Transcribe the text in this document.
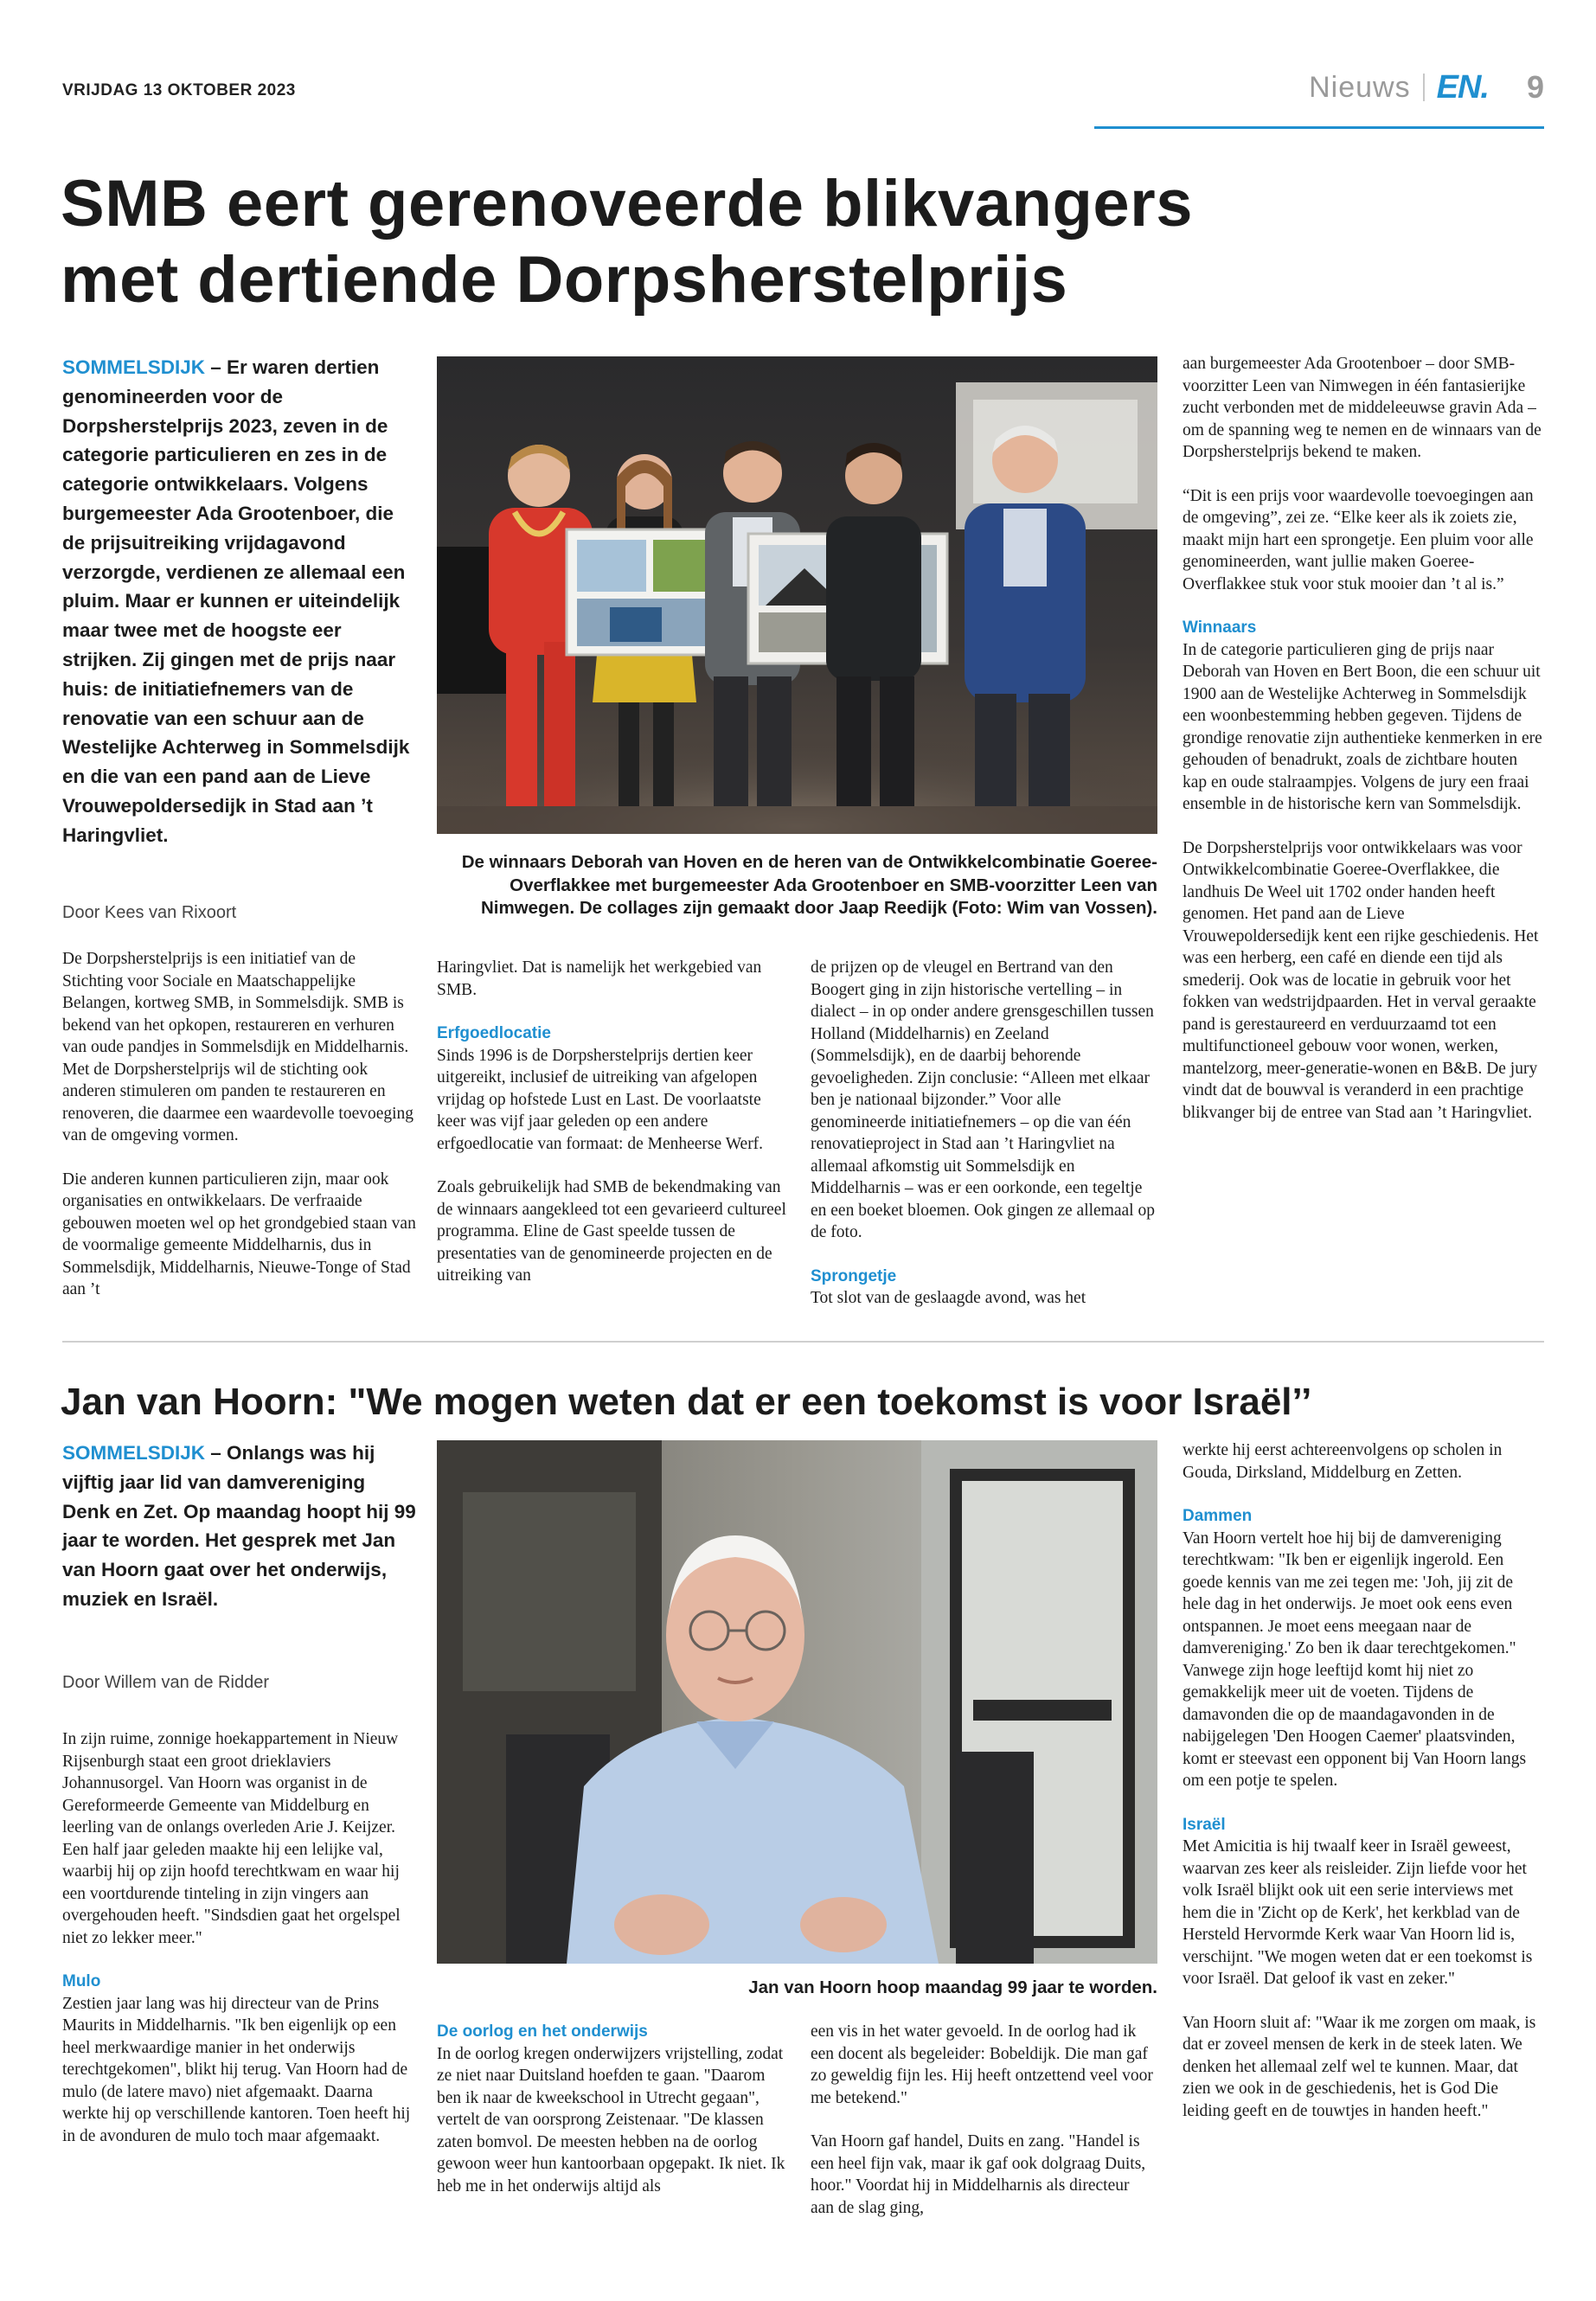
VRIJDAG 13 OKTOBER 2023	Nieuws EN. 9
SMB eert gerenoveerde blikvangers
met dertiende Dorpsherstelprijs
SOMMELSDIJK – Er waren dertien genomineerden voor de Dorpsherstelprijs 2023, zeven in de categorie particulieren en zes in de categorie ontwikkelaars. Volgens burgemeester Ada Grootenboer, die de prijsuitreiking vrijdagavond verzorgde, verdienen ze allemaal een pluim. Maar er kunnen er uiteindelijk maar twee met de hoogste eer strijken. Zij gingen met de prijs naar huis: de initiatiefnemers van de renovatie van een schuur aan de Westelijke Achterweg in Sommelsdijk en die van een pand aan de Lieve Vrouwepoldersedijk in Stad aan ’t Haringvliet.
Door Kees van Rixoort

De Dorpsherstelprijs is een initiatief van de Stichting voor Sociale en Maatschappelijke Belangen, kortweg SMB, in Sommelsdijk. SMB is bekend van het opkopen, restaureren en verhuren van oude pandjes in Sommelsdijk en Middelharnis. Met de Dorpsherstelprijs wil de stichting ook anderen stimuleren om panden te restaureren en renoveren, die daarmee een waardevolle toevoeging van de omgeving vormen.

Die anderen kunnen particulieren zijn, maar ook organisaties en ontwikkelaars. De verfraaide gebouwen moeten wel op het grondgebied staan van de voormalige gemeente Middelharnis, dus in Sommelsdijk, Middelharnis, Nieuwe-Tonge of Stad aan ’t

De winnaars Deborah van Hoven en de heren van de Ontwikkelcombinatie Goeree-Overflakkee met burgemeester Ada Grootenboer en SMB-voorzitter Leen van Nimwegen. De collages zijn gemaakt door Jaap Reedijk (Foto: Wim van Vossen).

Haringvliet. Dat is namelijk het werkgebied van SMB.

Erfgoedlocatie

Sinds 1996 is de Dorpsherstelprijs dertien keer uitgereikt, inclusief de uitreiking van afgelopen vrijdag op hofstede Lust en Last. De voorlaatste keer was vijf jaar geleden op een andere erfgoedlocatie van formaat: de Menheerse Werf.

Zoals gebruikelijk had SMB de bekendmaking van de winnaars aangekleed tot een gevarieerd cultureel programma. Eline de Gast speelde tussen de presentaties van de genomineerde projecten en de uitreiking van

de prijzen op de vleugel en Bertrand van den Boogert ging in zijn historische vertelling – in dialect – in op onder andere grensgeschillen tussen Holland (Middelharnis) en Zeeland (Sommelsdijk), en de daarbij behorende gevoeligheden. Zijn conclusie: “Alleen met elkaar ben je nationaal bijzonder.” Voor alle genomineerde initiatiefnemers – op die van één renovatieproject in Stad aan ’t Haringvliet na allemaal afkomstig uit Sommelsdijk en Middelharnis – was er een oorkonde, een tegeltje en een boeket bloemen. Ook gingen ze allemaal op de foto.

Sprongetje

Tot slot van de geslaagde avond, was het

aan burgemeester Ada Grootenboer – door SMB-voorzitter Leen van Nimwegen in één fantasierijke zucht verbonden met de middeleeuwse gravin Ada – om de spanning weg te nemen en de winnaars van de Dorpsherstelprijs bekend te maken.

“Dit is een prijs voor waardevolle toevoegingen aan de omgeving”, zei ze. “Elke keer als ik zoiets zie, maakt mijn hart een sprongetje. Een pluim voor alle genomineerden, want jullie maken Goeree-Overflakkee stuk voor stuk mooier dan ’t al is.”

Winnaars

In de categorie particulieren ging de prijs naar Deborah van Hoven en Bert Boon, die een schuur uit 1900 aan de Westelijke Achterweg in Sommelsdijk een woonbestemming hebben gegeven. Tijdens de grondige renovatie zijn authentieke kenmerken in ere gehouden of benadrukt, zoals de zichtbare houten kap en oude stalraampjes. Volgens de jury een fraai ensemble in de historische kern van Sommelsdijk.

De Dorpsherstelprijs voor ontwikkelaars was voor Ontwikkelcombinatie Goeree-Overflakkee, die landhuis De Weel uit 1702 onder handen heeft genomen. Het pand aan de Lieve Vrouwepoldersedijk kent een rijke geschiedenis. Het was een herberg, een café en diende een tijd als smederij. Ook was de locatie in gebruik voor het fokken van wedstrijdpaarden. Het in verval geraakte pand is gerestaureerd en verduurzaamd tot een multifunctioneel gebouw voor wonen, werken, mantelzorg, meer-generatie-wonen en B&B. De jury vindt dat de bouwval is veranderd in een prachtige blikvanger bij de entree van Stad aan ’t Haringvliet.

Jan van Hoorn: "We mogen weten dat er een toekomst is voor Israël’’
SOMMELSDIJK – Onlangs was hij vijftig jaar lid van damvereniging Denk en Zet. Op maandag hoopt hij 99 jaar te worden. Het gesprek met Jan van Hoorn gaat over het onderwijs, muziek en Israël.
Door Willem van de Ridder

In zijn ruime, zonnige hoekappartement in Nieuw Rijsenburgh staat een groot drieklaviers Johannusorgel. Van Hoorn was organist in de Gereformeerde Gemeente van Middelburg en leerling van de onlangs overleden Arie J. Keijzer. Een half jaar geleden maakte hij een lelijke val, waarbij hij op zijn hoofd terechtkwam en waar hij een voortdurende tinteling in zijn vingers aan overgehouden heeft. "Sindsdien gaat het orgelspel niet zo lekker meer."

Mulo

Zestien jaar lang was hij directeur van de Prins Maurits in Middelharnis. "Ik ben eigenlijk op een heel merkwaardige manier in het onderwijs terechtgekomen", blikt hij terug. Van Hoorn had de mulo (de latere mavo) niet afgemaakt. Daarna werkte hij op verschillende kantoren. Toen heeft hij in de avonduren de mulo toch maar afgemaakt.

Jan van Hoorn hoop maandag 99 jaar te worden.

De oorlog en het onderwijs

In de oorlog kregen onderwijzers vrijstelling, zodat ze niet naar Duitsland hoefden te gaan. "Daarom ben ik naar de kweekschool in Utrecht gegaan", vertelt de van oorsprong Zeistenaar. "De klassen zaten bomvol. De meesten hebben na de oorlog gewoon weer hun kantoorbaan opgepakt. Ik niet. Ik heb me in het onderwijs altijd als

een vis in het water gevoeld. In de oorlog had ik een docent als begeleider: Bobeldijk. Die man gaf zo geweldig fijn les. Hij heeft ontzettend veel voor me betekend."

Van Hoorn gaf handel, Duits en zang. "Handel is een heel fijn vak, maar ik gaf ook dolgraag Duits, hoor." Voordat hij in Middelharnis als directeur aan de slag ging,

werkte hij eerst achtereenvolgens op scholen in Gouda, Dirksland, Middelburg en Zetten.

Dammen

Van Hoorn vertelt hoe hij bij de damvereniging terechtkwam: "Ik ben er eigenlijk ingerold. Een goede kennis van me zei tegen me: 'Joh, jij zit de hele dag in het onderwijs. Je moet ook eens even ontspannen. Je moet eens meegaan naar de damvereniging.' Zo ben ik daar terechtgekomen." Vanwege zijn hoge leeftijd komt hij niet zo gemakkelijk meer uit de voeten. Tijdens de damavonden die op de maandagavonden in de nabijgelegen 'Den Hoogen Caemer' plaatsvinden, komt er steevast een opponent bij Van Hoorn langs om een potje te spelen.

Israël

Met Amicitia is hij twaalf keer in Israël geweest, waarvan zes keer als reisleider. Zijn liefde voor het volk Israël blijkt ook uit een serie interviews met hem die in 'Zicht op de Kerk', het kerkblad van de Hersteld Hervormde Kerk waar Van Hoorn lid is, verschijnt. "We mogen weten dat er een toekomst is voor Israël. Dat geloof ik vast en zeker."

Van Hoorn sluit af: "Waar ik me zorgen om maak, is dat er zoveel mensen de kerk in de steek laten. We denken het allemaal zelf wel te kunnen. Maar, dat zien we ook in de geschiedenis, het is God Die leiding geeft en de touwtjes in handen heeft."
